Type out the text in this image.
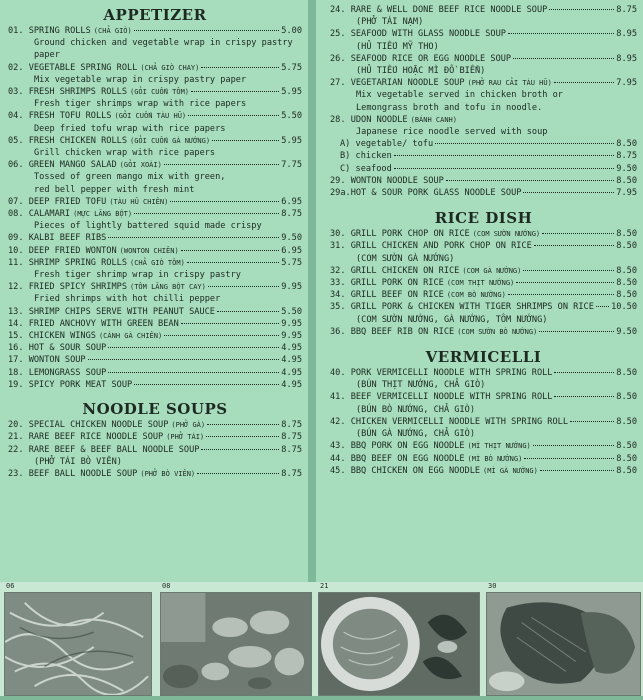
APPETIZER
01. SPRING ROLLS (CHẢ GIÒ)	5.00
Ground chicken and vegetable wrap in crispy pastry paper
02. VEGETABLE SPRING ROLL (CHẢ GIÒ CHAY)	5.75
Mix vegetable wrap in crispy pastry paper
03. FRESH SHRIMPS ROLLS (GỎI CUỐN TÔM)	5.95
Fresh tiger shrimps wrap with rice papers
04. FRESH TOFU ROLLS (GỎI CUỐN TÀU HŨ)	5.50
Deep fried tofu wrap with rice papers
05. FRESH CHICKEN ROLLS (GỎI CUỐN GÀ NƯỚNG)	5.95
Grill chicken wrap with rice papers
06. GREEN MANGO SALAD (GỎI XOÀI)	7.75
Tossed of green mango mix with green,
red bell pepper with fresh mint
07. DEEP FRIED TOFU (TÀU HŨ CHIÊN)	6.95
08. CALAMARI (MỰC LĂNG BỘT)	8.75
Pieces of lightly battered squid made crispy
09. KALBI BEEF RIBS	9.50
10. DEEP FRIED WONTON (WONTON CHIÊN)	6.95
11. SHRIMP SPRING ROLLS (CHẢ GIÒ TÔM)	5.75
Fresh tiger shrimp wrap in crispy pastry
12. FRIED SPICY SHRIMPS (TÔM LĂNG BỘT CAY)	9.95
Fried shrimps with hot chilli pepper
13. SHRIMP CHIPS SERVE WITH PEANUT SAUCE	5.50
14. FRIED ANCHOVY WITH GREEN BEAN	9.95
15. CHICKEN WINGS (CÁNH GÀ CHIÊN)	9.95
16. HOT & SOUR SOUP	4.95
17. WONTON SOUP	4.95
18. LEMONGRASS SOUP	4.95
19. SPICY PORK MEAT SOUP	4.95
NOODLE SOUPS
20. SPECIAL CHICKEN NOODLE SOUP (PHỞ GÀ)	8.75
21. RARE BEEF RICE NOODLE SOUP (PHỞ TÁI)	8.75
22. RARE BEEF & BEEF BALL NOODLE SOUP	8.75
(PHỞ TÁI BÒ VIÊN)
23. BEEF BALL NOODLE SOUP (PHỞ BÒ VIÊN)	8.75
24. RARE & WELL DONE BEEF RICE NOODLE SOUP	8.75
(PHỞ TÁI NẠM)
25. SEAFOOD WITH GLASS NOODLE SOUP	8.95
(HỦ TIẾU MỸ THO)
26. SEAFOOD RICE OR EGG NOODLE SOUP	8.95
(HỦ TIẾU HOẶC MÌ ĐỒ BIỂN)
27. VEGETARIAN NOODLE SOUP (PHỞ RAU CẢI TÀU HŨ)	7.95
Mix vegetable served in chicken broth or
Lemongrass broth and tofu in noodle.
28. UDON NOODLE (BÁNH CANH)
Japanese rice noodle served with soup
A) vegetable/ tofu	8.50
B) chicken	8.75
C) seafood	9.50
29. WONTON NOODLE SOUP	8.50
29a.HOT & SOUR PORK GLASS NOODLE SOUP	7.95
RICE DISH
30. GRILL PORK CHOP ON RICE (COM SƯỜN NƯỚNG)	8.50
31. GRILL CHICKEN AND PORK CHOP ON RICE	8.50
(COM SƯỜN GÀ NƯỚNG)
32. GRILL CHICKEN ON RICE (COM GÀ NƯỚNG)	8.50
33. GRILL PORK ON RICE (COM THỊT NƯỚNG)	8.50
34. GRILL BEEF ON RICE (COM BÒ NƯỚNG)	8.50
35. GRILL PORK & CHICKEN WITH TIGER SHRIMPS ON RICE 10.50
(COM SƯỜN NƯỚNG, GÀ NƯỚNG, TÔM NƯỚNG)
36. BBQ BEEF RIB ON RICE (COM SƯỜN BÒ NƯỚNG)	9.50
VERMICELLI
40. PORK VERMICELLI NOODLE WITH SPRING ROLL	8.50
(BÚN THỊT NƯỚNG, CHẢ GIÒ)
41. BEEF VERMICELLI NOODLE WITH SPRING ROLL	8.50
(BÚN BÒ NƯỚNG, CHẢ GIÒ)
42. CHICKEN VERMICELLI NOODLE WITH SPRING ROLL	8.50
(BÚN GÀ NƯỚNG, CHẢ GIÒ)
43. BBQ PORK ON EGG NOODLE (MÌ THỊT NƯỚNG)	8.50
44. BBQ BEEF ON EGG NOODLE (MÌ BÒ NƯỚNG)	8.50
45. BBQ CHICKEN ON EGG NOODLE (MÌ GÀ NƯỚNG)	8.50
06	08	21	30
